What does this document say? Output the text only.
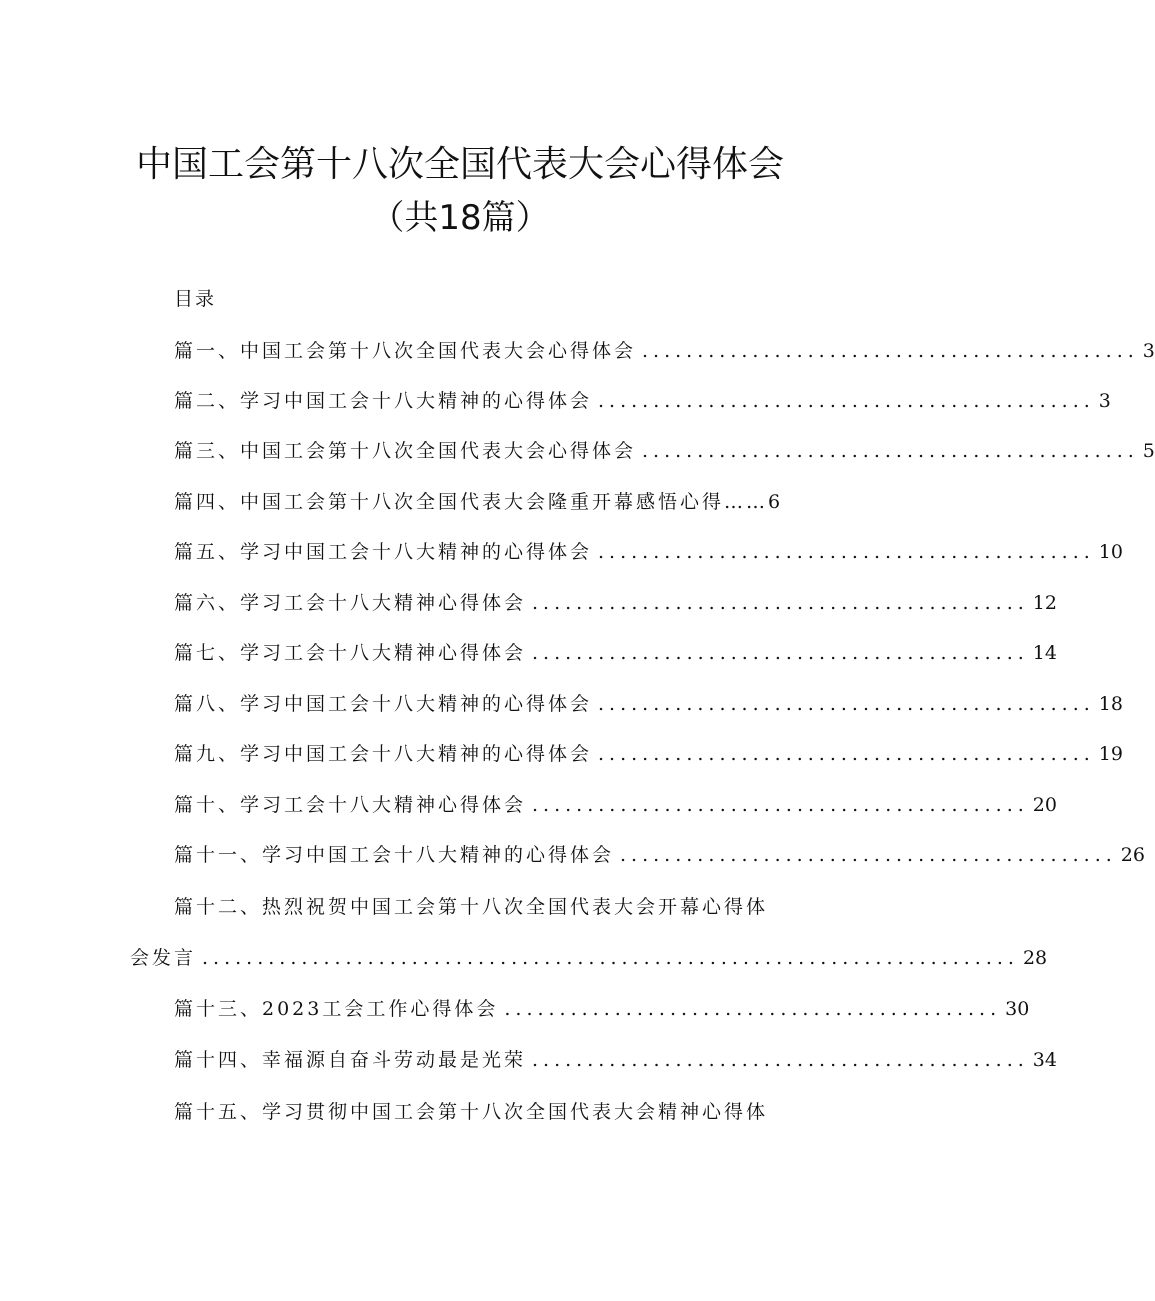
中国工会第十八次全国代表大会心得体会
（共18篇）
目录
篇一、中国工会第十八次全国代表大会心得体会 ............................................. 3
篇二、学习中国工会十八大精神的心得体会 ............................................. 3
篇三、中国工会第十八次全国代表大会心得体会 ............................................. 5
篇四、中国工会第十八次全国代表大会隆重开幕感悟心得……6
篇五、学习中国工会十八大精神的心得体会 ............................................. 10
篇六、学习工会十八大精神心得体会 ............................................. 12
篇七、学习工会十八大精神心得体会 ............................................. 14
篇八、学习中国工会十八大精神的心得体会 ............................................. 18
篇九、学习中国工会十八大精神的心得体会 ............................................. 19
篇十、学习工会十八大精神心得体会 ............................................. 20
篇十一、学习中国工会十八大精神的心得体会 ............................................. 26
篇十二、热烈祝贺中国工会第十八次全国代表大会开幕心得体
会发言 .......................................................................... 28
篇十三、2023工会工作心得体会 ............................................. 30
篇十四、幸福源自奋斗劳动最是光荣 ............................................. 34
篇十五、学习贯彻中国工会第十八次全国代表大会精神心得体
